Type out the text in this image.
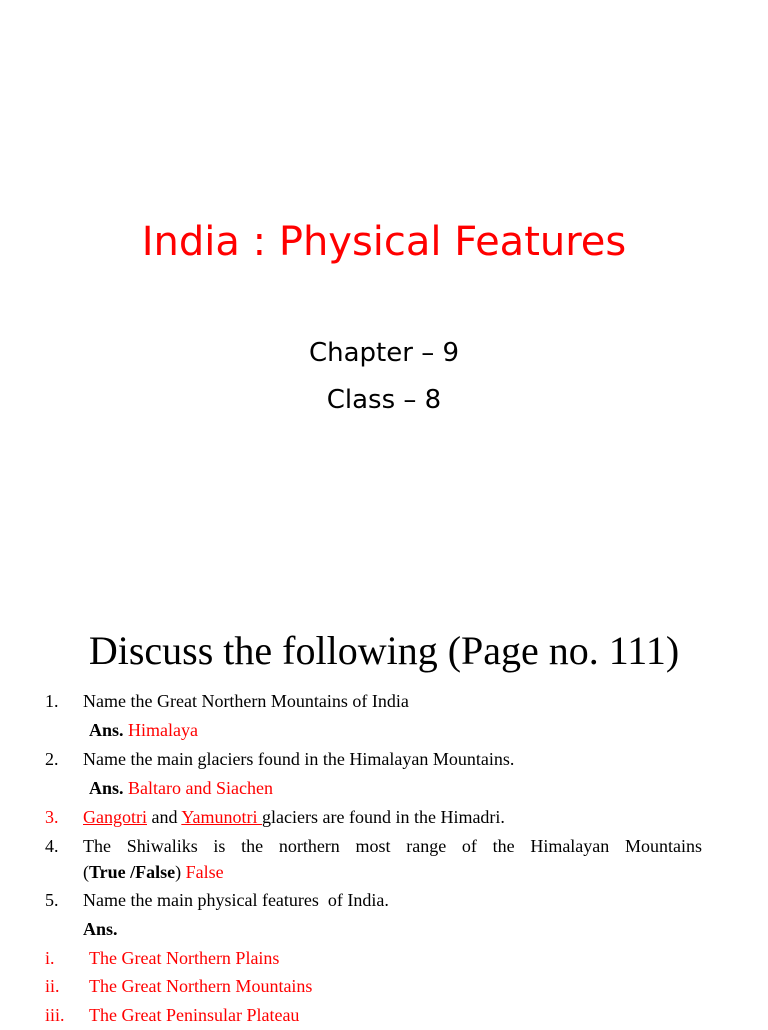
India : Physical Features
Chapter – 9
Class – 8
Discuss the following (Page no. 111)
1. Name the Great Northern Mountains of India
Ans. Himalaya
2. Name the main glaciers found in the Himalayan Mountains.
Ans. Baltaro and Siachen
3. Gangotri and Yamunotri glaciers are found in the Himadri.
4. The Shiwaliks is the northern most range of the Himalayan Mountains
(True /False) False
5. Name the main physical features  of India.
Ans.
i. The Great Northern Plains
ii. The Great Northern Mountains
iii. The Great Peninsular Plateau
